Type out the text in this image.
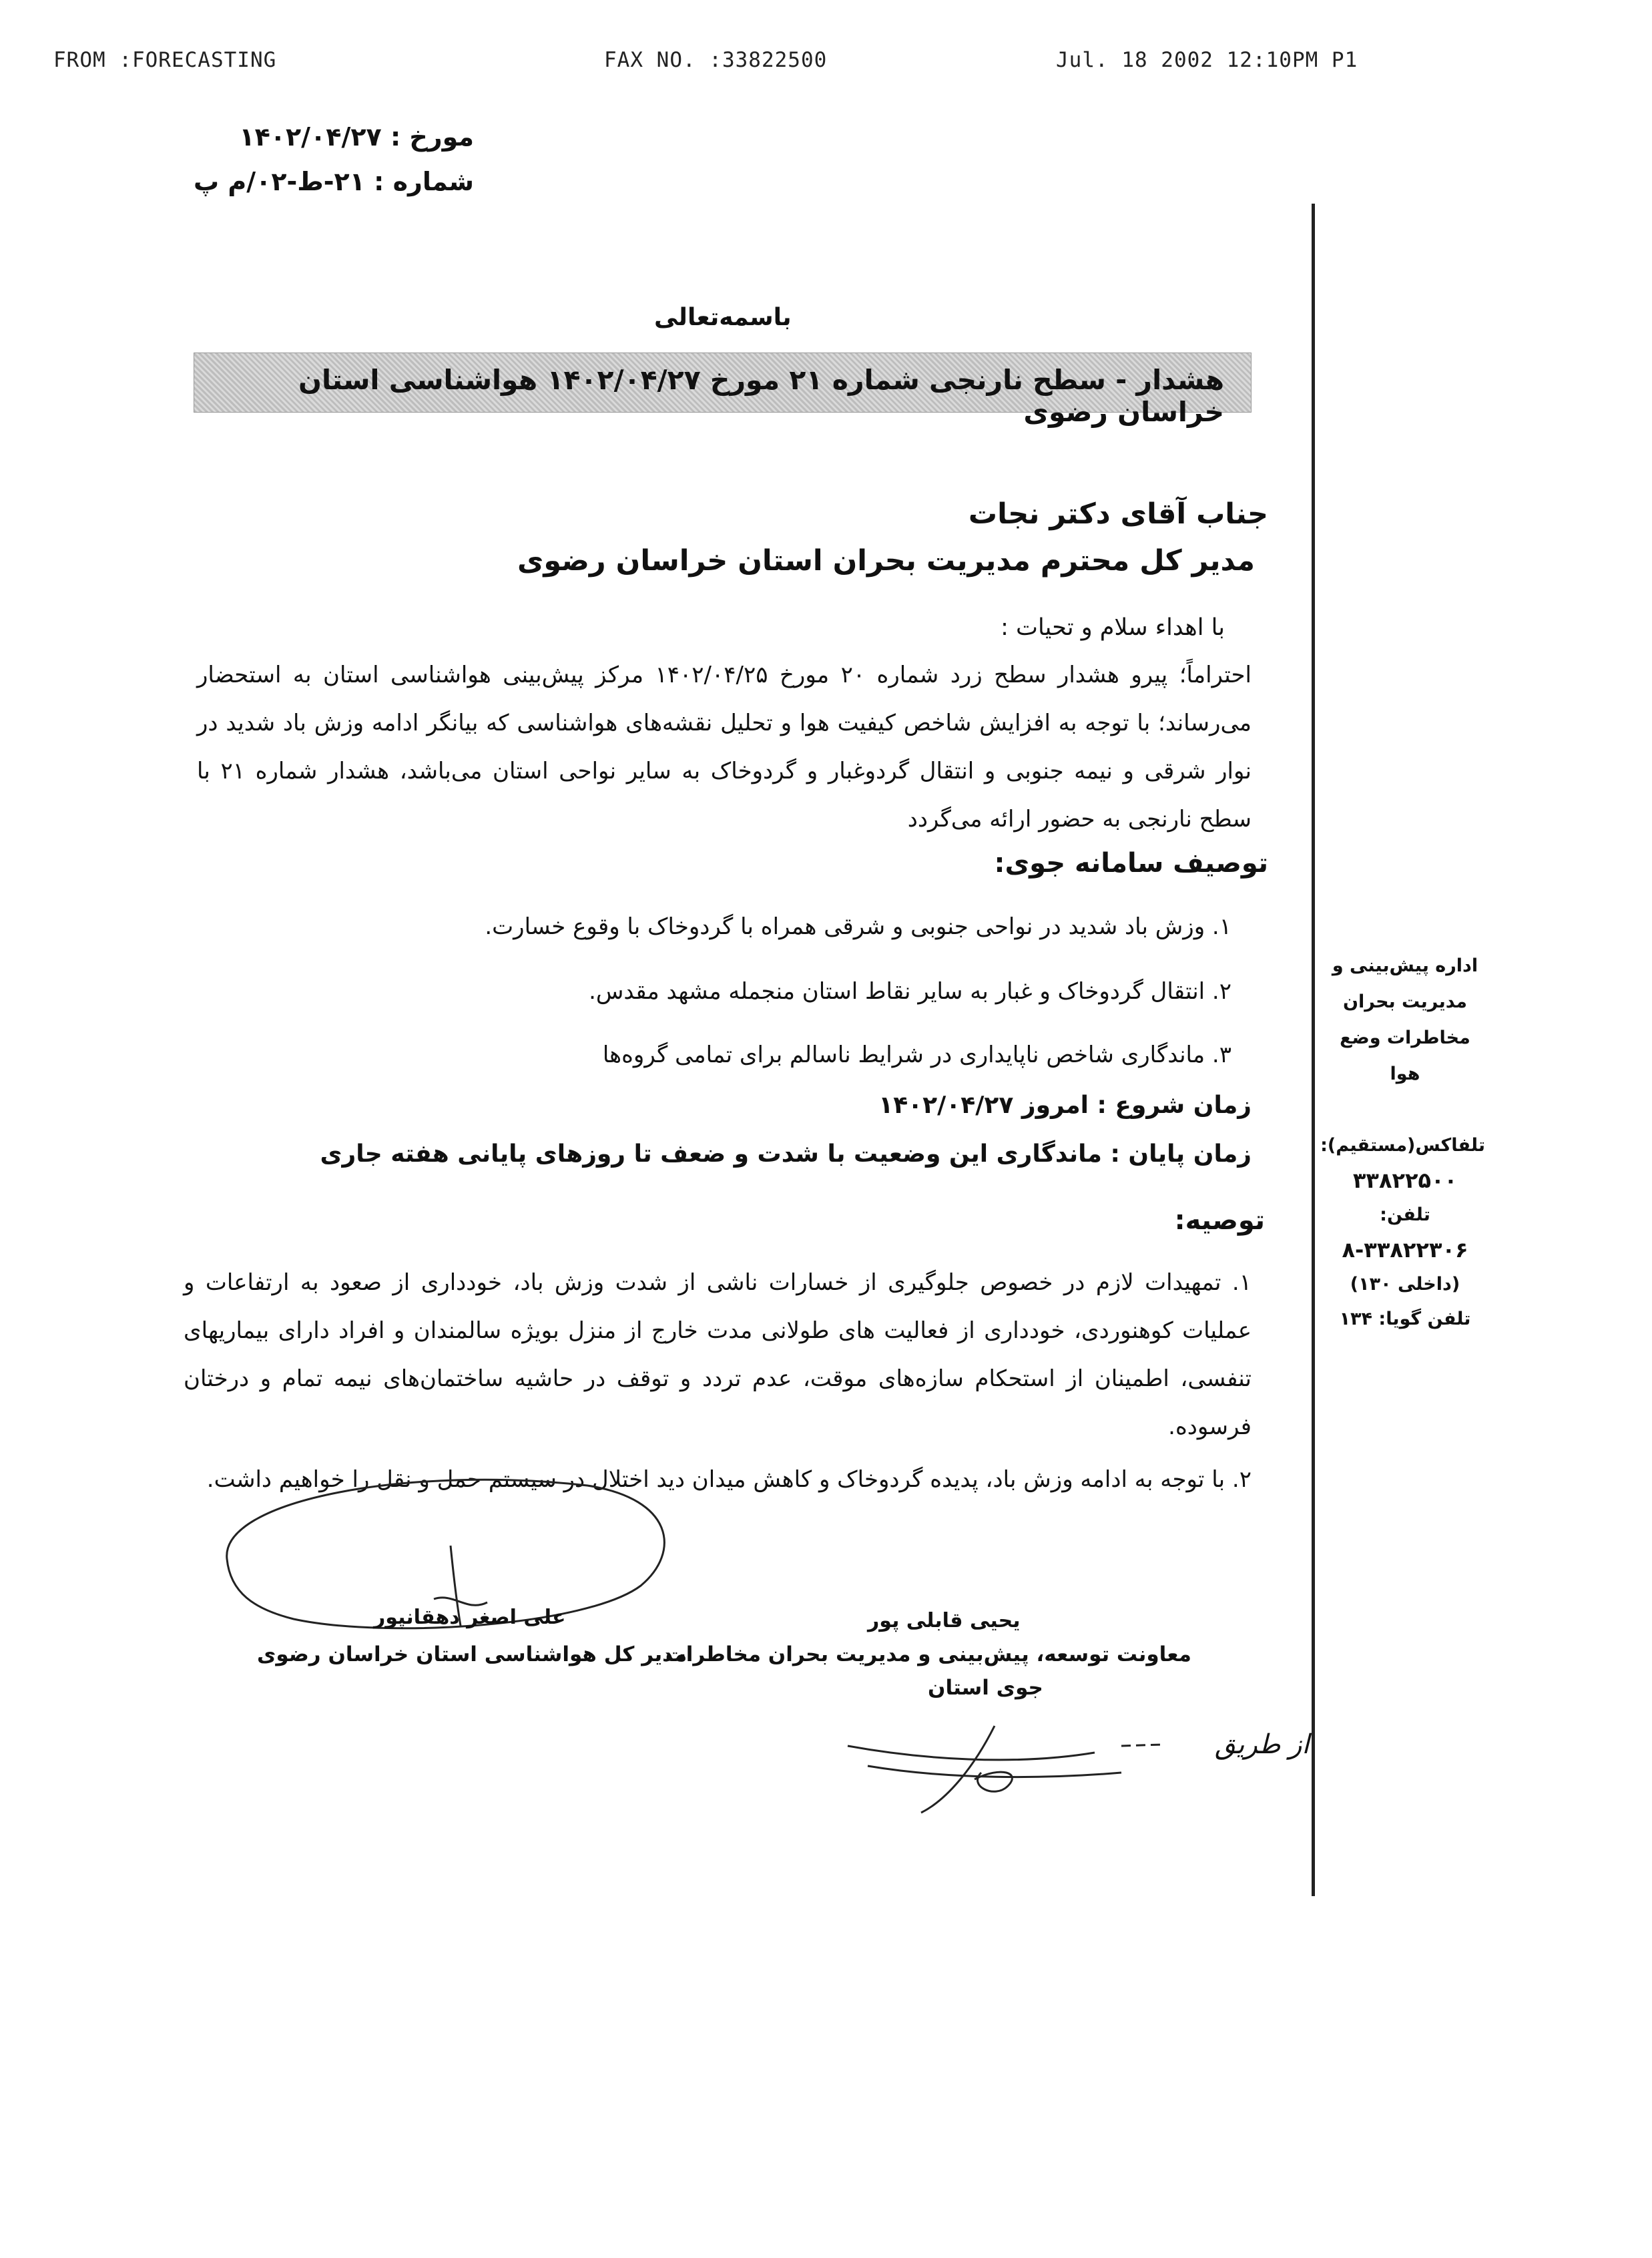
FROM :FORECASTING	FAX NO. :33822500	Jul. 18 2002 12:10PM P1
مورخ : ۱۴۰۲/۰۴/۲۷
شماره : ۲۱-ط-۰۲/م پ
باسمه‌تعالی
هشدار - سطح نارنجی شماره ۲۱ مورخ ۱۴۰۲/۰۴/۲۷ هواشناسی استان خراسان رضوی
جناب آقای دکتر نجات
مدیر کل محترم مدیریت بحران استان خراسان رضوی
با اهداء سلام و تحیات :
احتراماً؛ پیرو هشدار سطح زرد شماره ۲۰ مورخ ۱۴۰۲/۰۴/۲۵ مرکز پیش‌بینی هواشناسی استان به استحضار می‌رساند؛ با توجه به افزایش شاخص کیفیت هوا و تحلیل نقشه‌های هواشناسی که بیانگر ادامه وزش باد شدید در نوار شرقی و نیمه جنوبی و انتقال گردوغبار و گردوخاک به سایر نواحی استان می‌باشد، هشدار شماره ۲۱ با سطح نارنجی به حضور ارائه می‌گردد
توصیف سامانه جوی:
۱. وزش باد شدید در نواحی جنوبی و شرقی همراه با گردوخاک با وقوع خسارت.
۲. انتقال گردوخاک و غبار به سایر نقاط استان منجمله مشهد مقدس.
۳. ماندگاری شاخص ناپایداری در شرایط ناسالم برای تمامی گروه‌ها
زمان شروع : امروز ۱۴۰۲/۰۴/۲۷
زمان پایان : ماندگاری این وضعیت با شدت و ضعف تا روزهای پایانی هفته جاری
توصیه:
۱. تمهیدات لازم در خصوص جلوگیری از خسارات ناشی از شدت وزش باد، خودداری از صعود به ارتفاعات و عملیات کوهنوردی، خودداری از فعالیت های طولانی مدت خارج از منزل بویژه سالمندان و افراد دارای بیماریهای تنفسی، اطمینان از استحکام سازه‌های موقت، عدم تردد و توقف در حاشیه ساختمان‌های نیمه تمام و درختان فرسوده.
۲. با توجه به ادامه وزش باد، پدیده گردوخاک و کاهش میدان دید اختلال در سیستم حمل و نقل را خواهیم داشت.
یحیی قابلی پور
معاونت توسعه، پیش‌بینی و مدیریت بحران مخاطرات
جوی استان
علی اصغر دهقانپور
مدیر کل هواشناسی استان خراسان رضوی
از طریق
اداره پیش‌بینی و
مدیریت بحران
مخاطرات وضع
هوا
تلفاکس(مستقیم):
۳۳۸۲۲۵۰۰
تلفن:
۸-۳۳۸۲۲۳۰۶
(داخلی ۱۳۰)
تلفن گویا: ۱۳۴
